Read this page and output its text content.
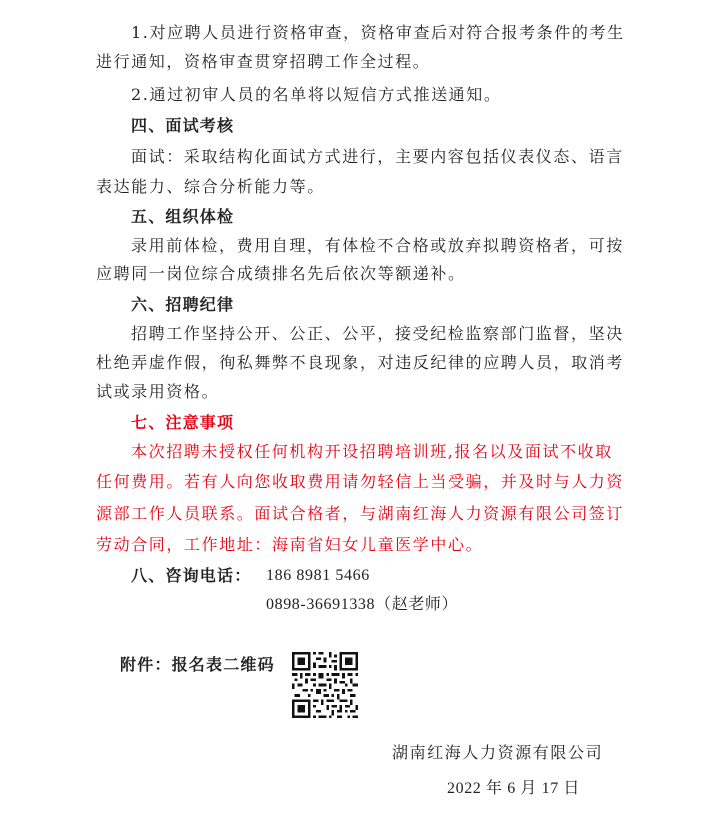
1.对应聘人员进行资格审查，资格审查后对符合报考条件的考生
进行通知，资格审查贯穿招聘工作全过程。
2.通过初审人员的名单将以短信方式推送通知。
四、面试考核
面试：采取结构化面试方式进行，主要内容包括仪表仪态、语言
表达能力、综合分析能力等。
五、组织体检
录用前体检，费用自理，有体检不合格或放弃拟聘资格者，可按
应聘同一岗位综合成绩排名先后依次等额递补。
六、招聘纪律
招聘工作坚持公开、公正、公平，接受纪检监察部门监督，坚决
杜绝弄虚作假，徇私舞弊不良现象，对违反纪律的应聘人员，取消考
试或录用资格。
七、注意事项
本次招聘未授权任何机构开设招聘培训班,报名以及面试不收取
任何费用。若有人向您收取费用请勿轻信上当受骗，并及时与人力资
源部工作人员联系。面试合格者，与湖南红海人力资源有限公司签订
劳动合同，工作地址：海南省妇女儿童医学中心。
八、咨询电话： 186 8981 5466
0898-36691338（赵老师）
附件：报名表二维码
湖南红海人力资源有限公司
2022 年 6 月 17 日
